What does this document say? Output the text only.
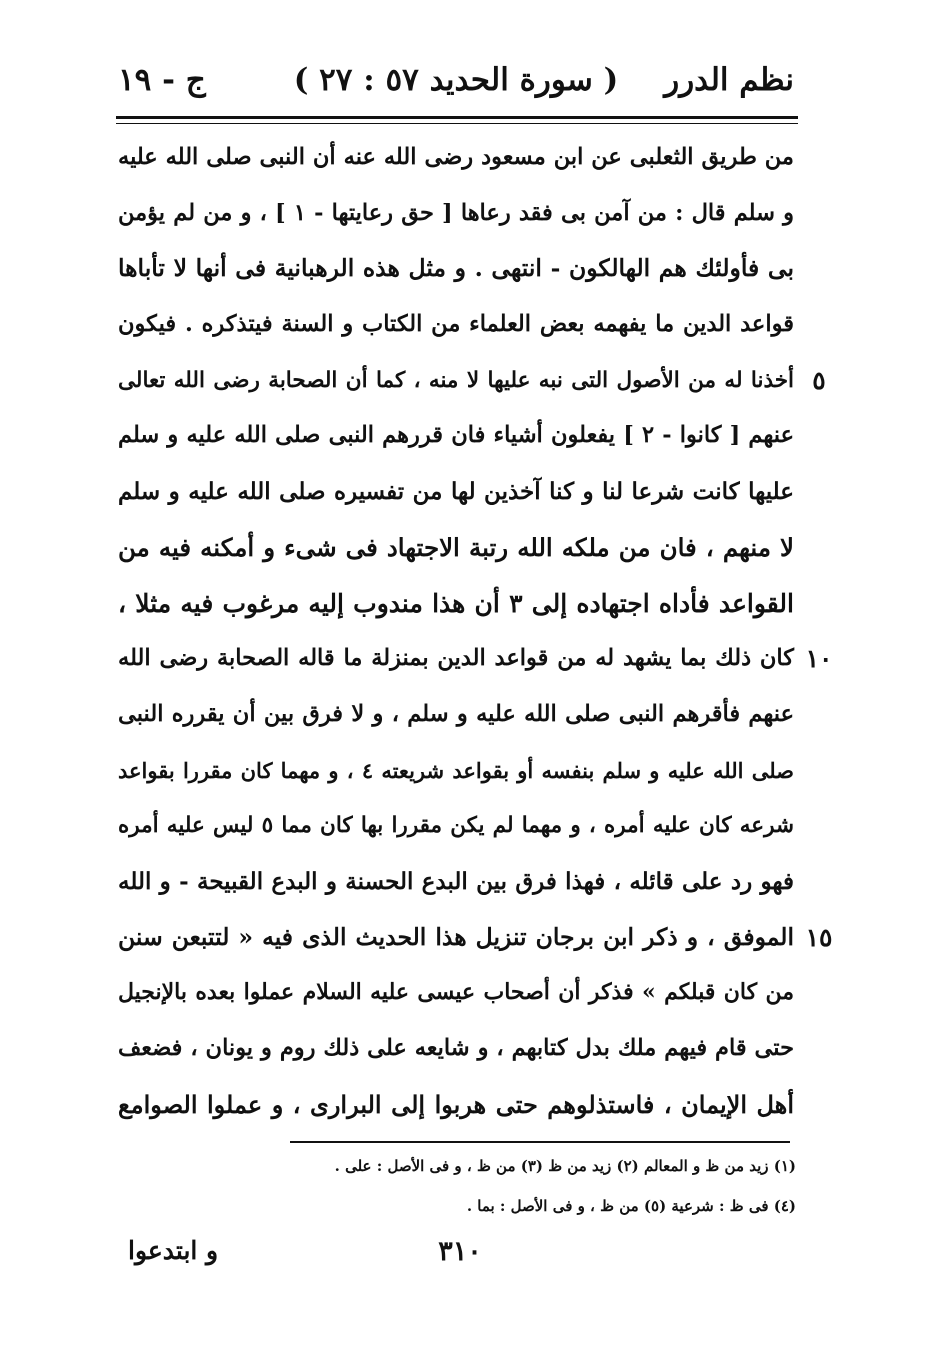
نظم الدرر
( سورة الحديد ٥٧ : ٢٧ )
ج - ١٩
من طريق الثعلبى عن ابن مسعود رضى الله عنه أن النبى صلى الله عليه
و سلم قال : من آمن بى فقد رعاها [ حق رعايتها - ١ ] ، و من لم يؤمن
بى فأولئك هم الهالكون - انتهى . و مثل هذه الرهبانية فى أنها لا تأباها
قواعد الدين ما يفهمه بعض العلماء من الكتاب و السنة فيتذكره . فيكون
أخذنا له من الأصول التى نبه عليها لا منه ، كما أن الصحابة رضى الله تعالى ٥
عنهم [ كانوا - ٢ ] يفعلون أشياء فان قررهم النبى صلى الله عليه و سلم
عليها كانت شرعا لنا و كنا آخذين لها من تفسيره صلى الله عليه و سلم
لا منهم ، فان من ملكه الله رتبة الاجتهاد فى شىء و أمكنه فيه من
القواعد فأداه اجتهاده إلى ٣ أن هذا مندوب إليه مرغوب فيه مثلا ،
كان ذلك بما يشهد له من قواعد الدين بمنزلة ما قاله الصحابة رضى الله ١٠
عنهم فأقرهم النبى صلى الله عليه و سلم ، و لا فرق بين أن يقرره النبى
صلى الله عليه و سلم بنفسه أو بقواعد شريعته ٤ ، و مهما كان مقررا بقواعد
شرعه كان عليه أمره ، و مهما لم يكن مقررا بها كان مما ٥ ليس عليه أمره
فهو رد على قائله ، فهذا فرق بين البدع الحسنة و البدع القبيحة - و الله
الموفق ، و ذكر ابن برجان تنزيل هذا الحديث الذى فيه « لتتبعن سنن ١٥
من كان قبلكم » فذكر أن أصحاب عيسى عليه السلام عملوا بعده بالإنجيل
حتى قام فيهم ملك بدل كتابهم ، و شايعه على ذلك روم و يونان ، فضعف
أهل الإيمان ، فاستذلوهم حتى هربوا إلى البرارى ، و عملوا الصوامع
(١) زيد من ظ و المعالم (٢) زيد من ظ (٣) من ظ ، و فى الأصل : على .
(٤) فى ظ : شرعية (٥) من ظ ، و فى الأصل : بما .
٣١٠
و ابتدعوا
